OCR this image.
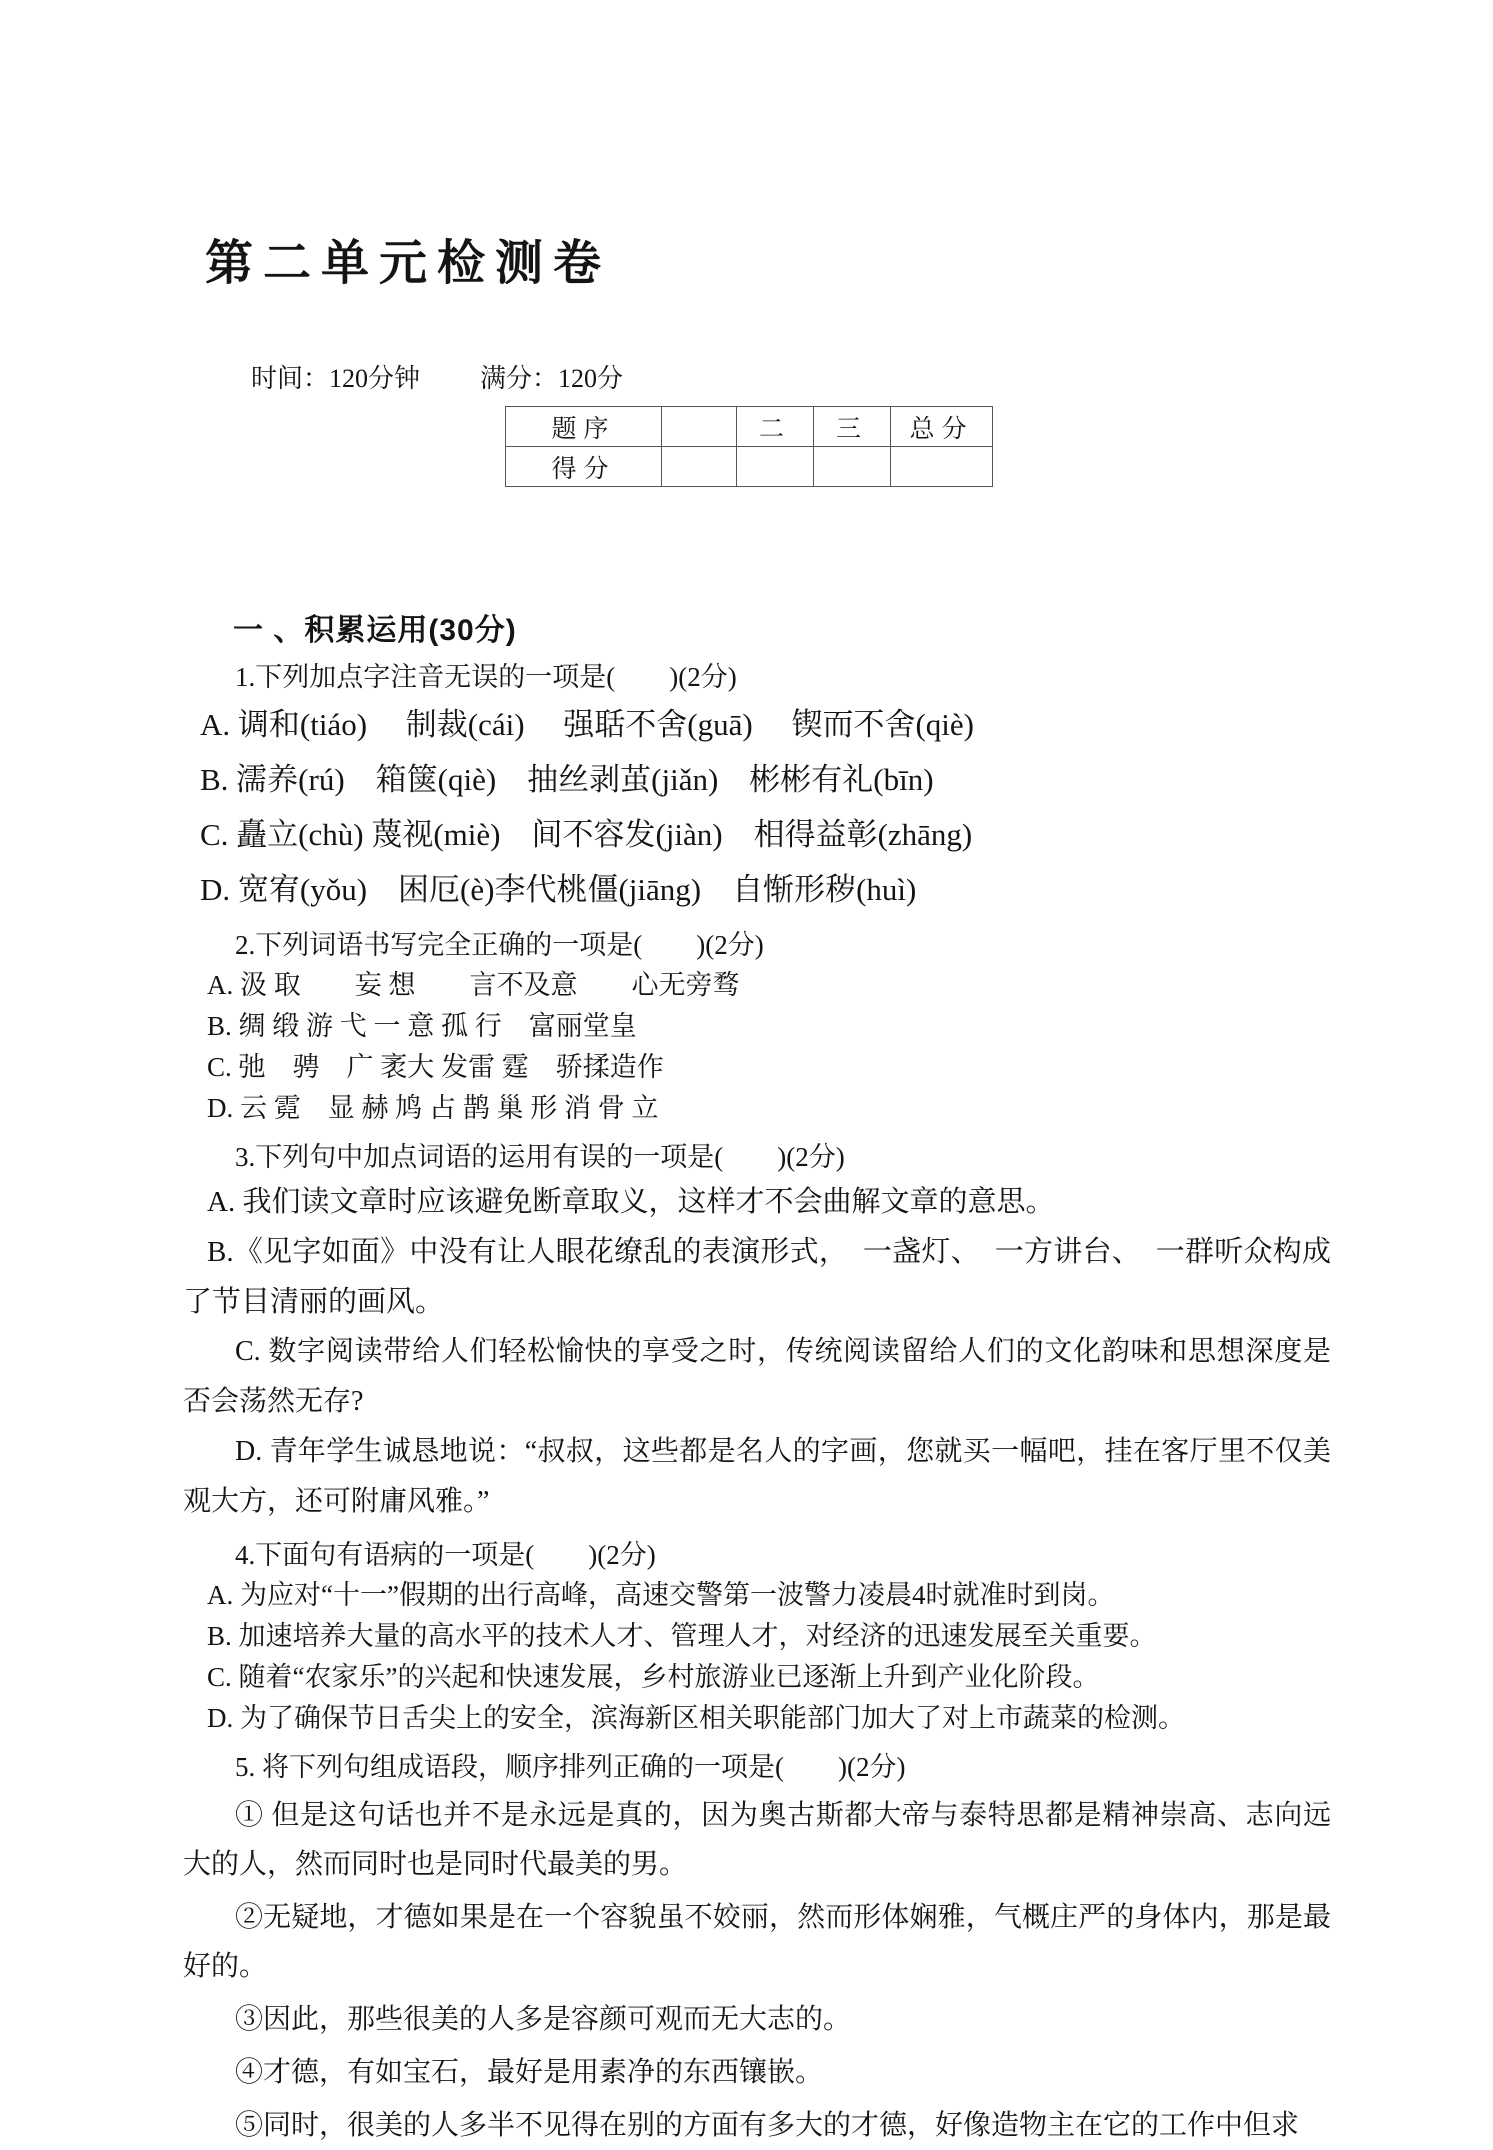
第二单元检测卷
时间：120分钟 满分：120分
题序		二	三	总分
得分				
一 、积累运用(30分)
1.下列加点字注音无误的一项是(　　)(2分)
A. 调和(tiáo)　 制裁(cái)　 强聒不舍(guā)　 锲而不舍(qiè)
B. 濡养(rú)　箱箧(qiè)　抽丝剥茧(jiǎn)　彬彬有礼(bīn)
C. 矗立(chù) 蔑视(miè)　间不容发(jiàn)　相得益彰(zhāng)
D. 宽宥(yǒu)　困厄(è)李代桃僵(jiāng)　自惭形秽(huì)
2.下列词语书写完全正确的一项是(　　)(2分)
A. 汲 取　　妄 想　　言不及意　　心无旁骛
B. 绸 缎 游 弋 一 意 孤 行　富丽堂皇
C. 弛　骋　广 袤大 发雷 霆　骄揉造作
D. 云 霓　显 赫 鸠 占 鹊 巢 形 消 骨 立
3.下列句中加点词语的运用有误的一项是(　　)(2分)
A. 我们读文章时应该避免断章取义，这样才不会曲解文章的意思。
B.《见字如面》中没有让人眼花缭乱的表演形式，　一盏灯、　一方讲台、　一群听众构成了节目清丽的画风。
C. 数字阅读带给人们轻松愉快的享受之时，传统阅读留给人们的文化韵味和思想深度是否会荡然无存?
D. 青年学生诚恳地说：“叔叔，这些都是名人的字画，您就买一幅吧，挂在客厅里不仅美观大方，还可附庸风雅。”
4.下面句有语病的一项是(　　)(2分)
A. 为应对“十一”假期的出行高峰，高速交警第一波警力凌晨4时就准时到岗。
B. 加速培养大量的高水平的技术人才、管理人才，对经济的迅速发展至关重要。
C. 随着“农家乐”的兴起和快速发展，乡村旅游业已逐渐上升到产业化阶段。
D. 为了确保节日舌尖上的安全，滨海新区相关职能部门加大了对上市蔬菜的检测。
5. 将下列句组成语段，顺序排列正确的一项是(　　)(2分)
① 但是这句话也并不是永远是真的，因为奥古斯都大帝与泰特思都是精神崇高、志向远大的人，然而同时也是同时代最美的男。
②无疑地，才德如果是在一个容貌虽不姣丽，然而形体娴雅，气概庄严的身体内，那是最好的。
③因此，那些很美的人多是容颜可观而无大志的。
④才德，有如宝石，最好是用素净的东西镶嵌。
⑤同时，很美的人多半不见得在别的方面有多大的才德，好像造物主在它的工作中但求
